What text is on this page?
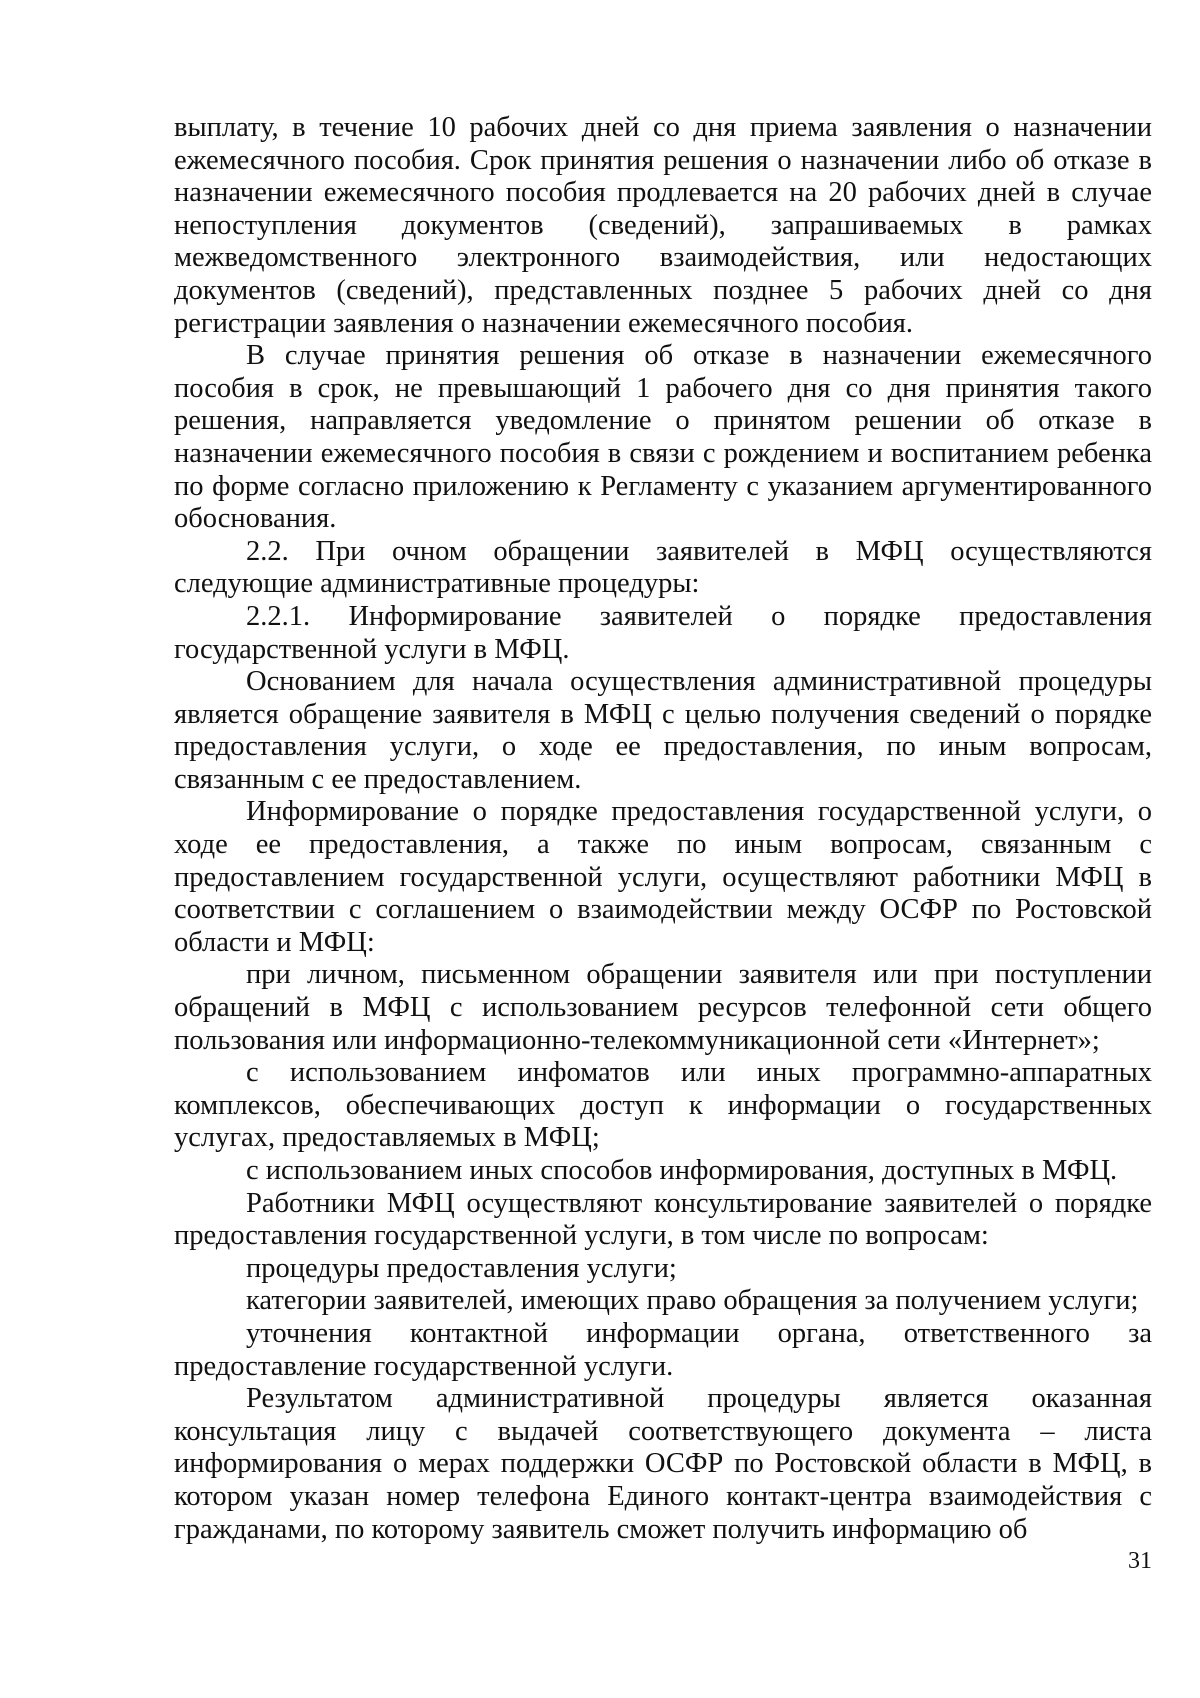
выплату, в течение 10 рабочих дней со дня приема заявления о назначении ежемесячного пособия. Срок принятия решения о назначении либо об отказе в назначении ежемесячного пособия продлевается на 20 рабочих дней в случае непоступления документов (сведений), запрашиваемых в рамках межведомственного электронного взаимодействия, или недостающих документов (сведений), представленных позднее 5 рабочих дней со дня регистрации заявления о назначении ежемесячного пособия.

В случае принятия решения об отказе в назначении ежемесячного пособия в срок, не превышающий 1 рабочего дня со дня принятия такого решения, направляется уведомление о принятом решении об отказе в назначении ежемесячного пособия в связи с рождением и воспитанием ребенка по форме согласно приложению к Регламенту с указанием аргументированного обоснования.

2.2. При очном обращении заявителей в МФЦ осуществляются следующие административные процедуры:

2.2.1. Информирование заявителей о порядке предоставления государственной услуги в МФЦ.

Основанием для начала осуществления административной процедуры является обращение заявителя в МФЦ с целью получения сведений о порядке предоставления услуги, о ходе ее предоставления, по иным вопросам, связанным с ее предоставлением.

Информирование о порядке предоставления государственной услуги, о ходе ее предоставления, а также по иным вопросам, связанным с предоставлением государственной услуги, осуществляют работники МФЦ в соответствии с соглашением о взаимодействии между ОСФР по Ростовской области и МФЦ:

при личном, письменном обращении заявителя или при поступлении обращений в МФЦ с использованием ресурсов телефонной сети общего пользования или информационно-телекоммуникационной сети «Интернет»;

с использованием инфоматов или иных программно-аппаратных комплексов, обеспечивающих доступ к информации о государственных услугах, предоставляемых в МФЦ;

с использованием иных способов информирования, доступных в МФЦ.

Работники МФЦ осуществляют консультирование заявителей о порядке предоставления государственной услуги, в том числе по вопросам:

процедуры предоставления услуги;

категории заявителей, имеющих право обращения за получением услуги;

уточнения контактной информации органа, ответственного за предоставление государственной услуги.

Результатом административной процедуры является оказанная консультация лицу с выдачей соответствующего документа – листа информирования о мерах поддержки ОСФР по Ростовской области в МФЦ, в котором указан номер телефона Единого контакт-центра взаимодействия с гражданами, по которому заявитель сможет получить информацию об

31
